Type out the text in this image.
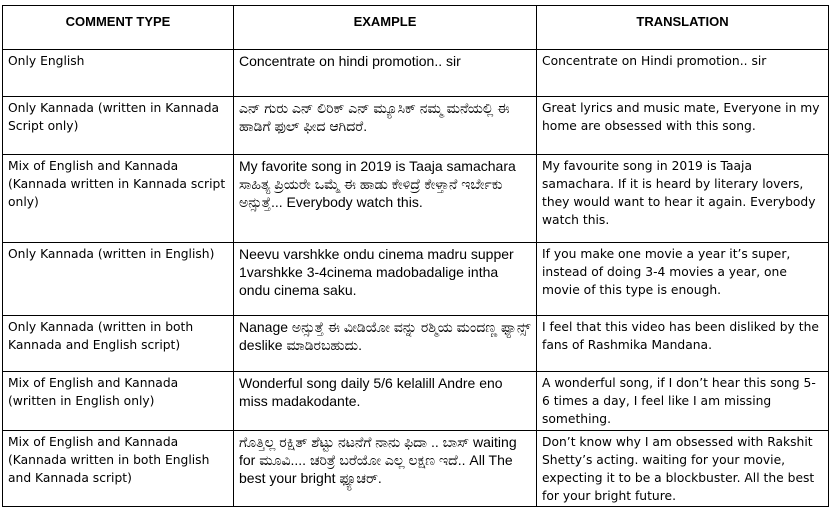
COMMENT TYPE	EXAMPLE	TRANSLATION
Only English	Concentrate on hindi promotion.. sir	Concentrate on Hindi promotion.. sir
Only Kannada (written in Kannada Script only)	ಎನ್ ಗುರು ಎನ್ ಲಿರಿಕ್ ಎನ್ ಮ್ಯೂಸಿಕ್ ನಮ್ಮ ಮನೆಯಲ್ಲಿ ಈ ಹಾಡಿಗೆ ಫುಲ್ ಫೀದ ಆಗಿದರೆ.	Great lyrics and music mate, Everyone in my home are obsessed with this song.
Mix of English and Kannada (Kannada written in Kannada script only)	My favorite song in 2019 is Taaja samachara ಸಾಹಿತ್ಯ ಪ್ರಿಯರೇ ಒಮ್ಮೆ ಈ ಹಾಡು ಕೇಳಿದ್ರೆ ಕೇಳ್ತಾನೆ ಇರ್ಬೇಕು ಅನ್ಸುತ್ತೆ... Everybody watch this.	My favourite song in 2019 is Taaja samachara. If it is heard by literary lovers, they would want to hear it again. Everybody watch this.
Only Kannada (written in English)	Neevu varshkke ondu cinema madru supper 1varshkke 3-4cinema madobadalige intha ondu cinema saku.	If you make one movie a year it’s super, instead of doing 3-4 movies a year, one movie of this type is enough.
Only Kannada (written in both Kannada and English script)	Nanage ಅನ್ಸುತ್ತೆ ಈ ವೀಡಿಯೋ ವನ್ನು ರಶ್ಮಿಯ ಮಂದಣ್ಣ ಫ್ಯಾನ್ಸ್ deslike ಮಾಡಿರಬಹುದು.	I feel that this video has been disliked by the fans of Rashmika Mandana.
Mix of English and Kannada (written in English only)	Wonderful song daily 5/6 kelalill Andre eno miss madakodante.	A wonderful song, if I don’t hear this song 5-6 times a day, I feel like I am missing something.
Mix of English and Kannada (Kannada written in both English and Kannada script)	ಗೊತ್ತಿಲ್ಲ ರಕ್ಷಿತ್ ಶೆಟ್ಟು ನಟನೆಗೆ ನಾನು ಫಿದಾ .. ಬಾಸ್ waiting for ಮೂವಿ.... ಚರಿತ್ರೆ ಬರೆಯೋ ಎಲ್ಲ ಲಕ್ಷಣ ಇದೆ.. All The best your bright ಫ್ಯೂಚರ್.	Don’t know why I am obsessed with Rakshit Shetty’s acting. waiting for your movie, expecting it to be a blockbuster. All the best for your bright future.
